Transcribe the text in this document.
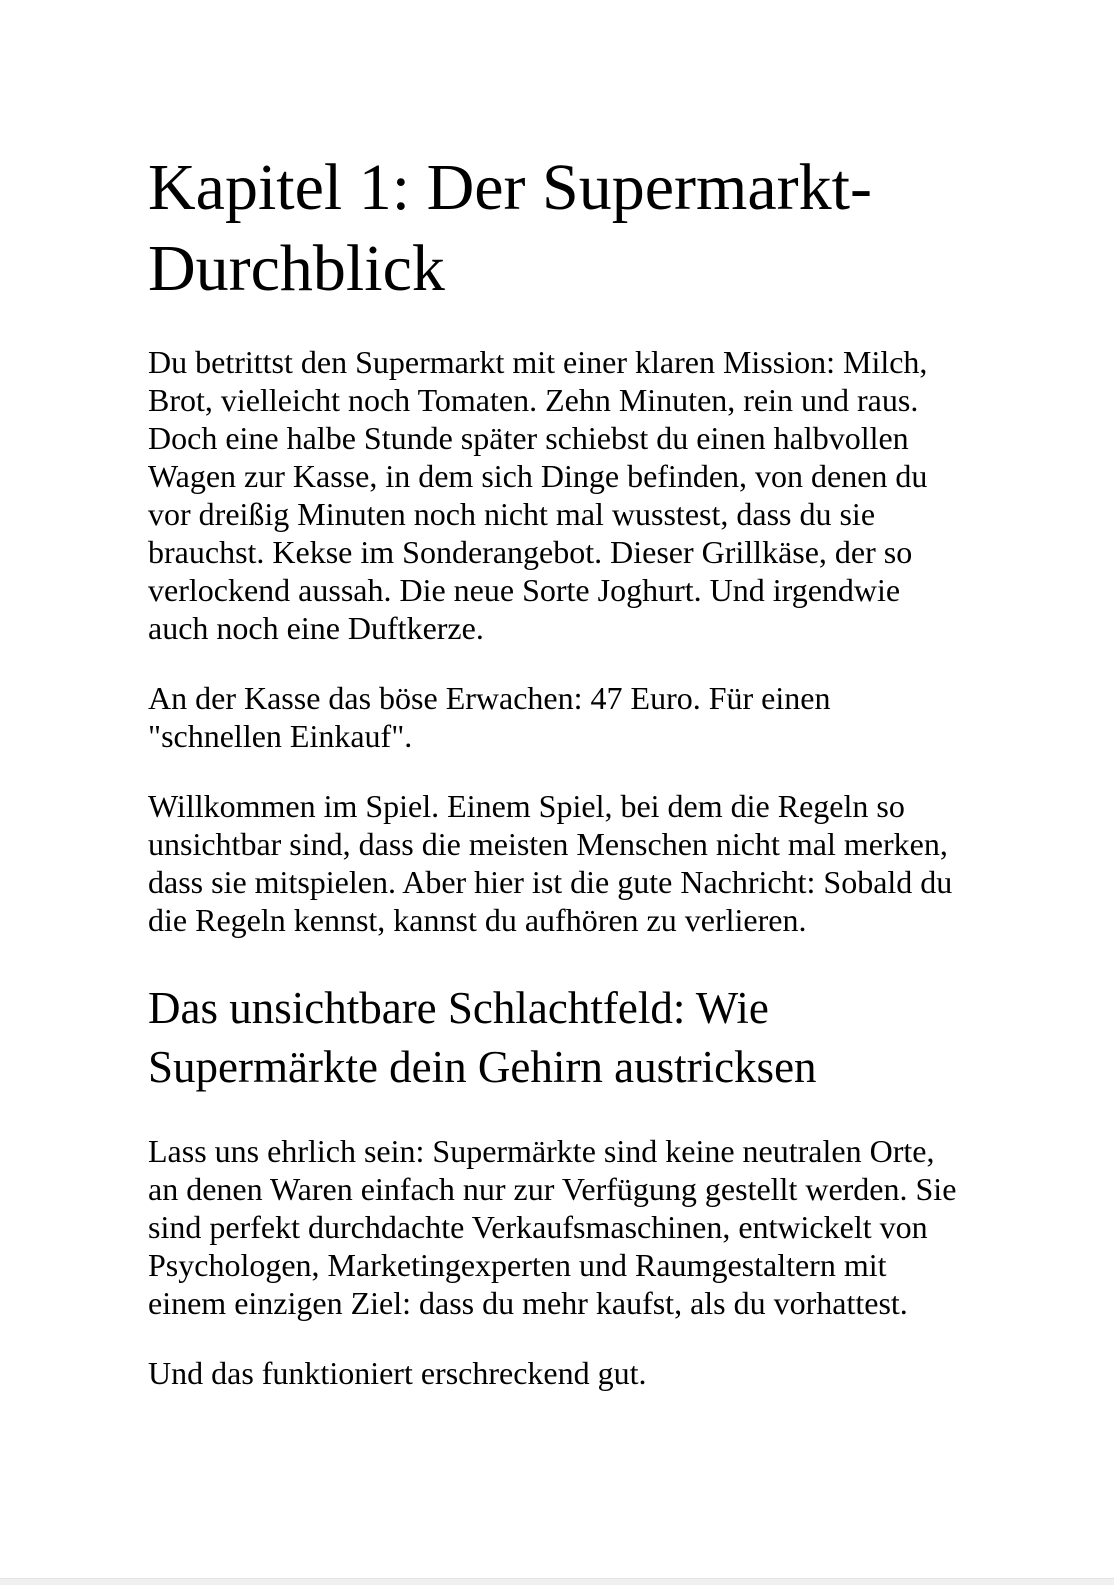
Kapitel 1: Der Supermarkt-Durchblick

Du betrittst den Supermarkt mit einer klaren Mission: Milch, Brot, vielleicht noch Tomaten. Zehn Minuten, rein und raus. Doch eine halbe Stunde später schiebst du einen halbvollen Wagen zur Kasse, in dem sich Dinge befinden, von denen du vor dreißig Minuten noch nicht mal wusstest, dass du sie brauchst. Kekse im Sonderangebot. Dieser Grillkäse, der so verlockend aussah. Die neue Sorte Joghurt. Und irgendwie auch noch eine Duftkerze.

An der Kasse das böse Erwachen: 47 Euro. Für einen "schnellen Einkauf".

Willkommen im Spiel. Einem Spiel, bei dem die Regeln so unsichtbar sind, dass die meisten Menschen nicht mal merken, dass sie mitspielen. Aber hier ist die gute Nachricht: Sobald du die Regeln kennst, kannst du aufhören zu verlieren.

Das unsichtbare Schlachtfeld: Wie Supermärkte dein Gehirn austricksen

Lass uns ehrlich sein: Supermärkte sind keine neutralen Orte, an denen Waren einfach nur zur Verfügung gestellt werden. Sie sind perfekt durchdachte Verkaufsmaschinen, entwickelt von Psychologen, Marketingexperten und Raumgestaltern mit einem einzigen Ziel: dass du mehr kaufst, als du vorhattest.

Und das funktioniert erschreckend gut.
